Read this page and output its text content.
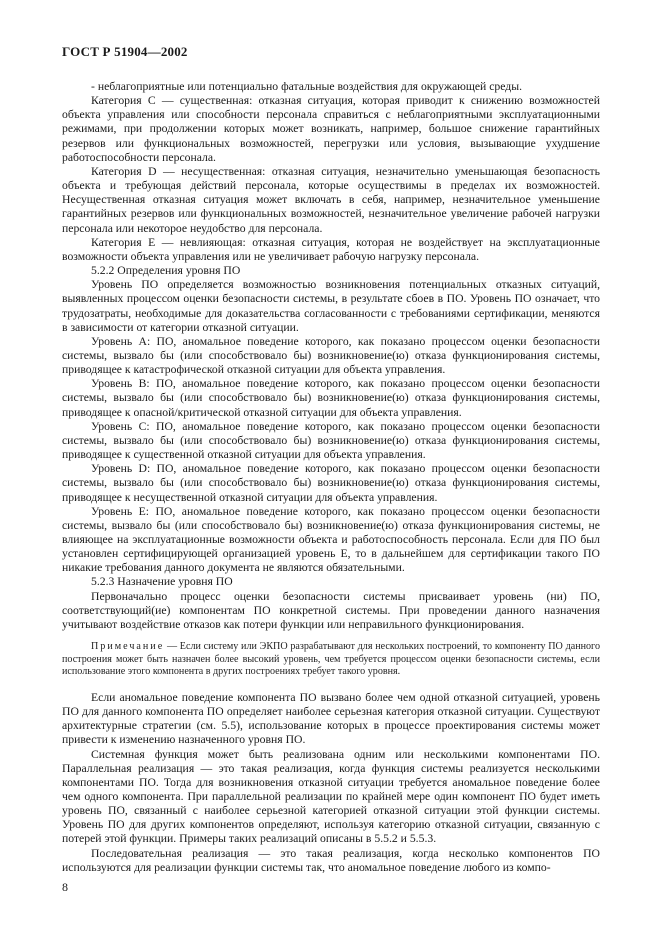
ГОСТ Р 51904—2002

- неблагоприятные или потенциально фатальные воздействия для окружающей среды.

Категория С — существенная: отказная ситуация, которая приводит к снижению возможностей объекта управления или способности персонала справиться с неблагоприятными эксплуатационными режимами, при продолжении которых может возникать, например, большое снижение гарантийных резервов или функциональных возможностей, перегрузки или условия, вызывающие ухудшение работоспособности персонала.

Категория D — несущественная: отказная ситуация, незначительно уменьшающая безопасность объекта и требующая действий персонала, которые осуществимы в пределах их возможностей. Несущественная отказная ситуация может включать в себя, например, незначительное уменьшение гарантийных резервов или функциональных возможностей, незначительное увеличение рабочей нагрузки персонала или некоторое неудобство для персонала.

Категория Е — невлияющая: отказная ситуация, которая не воздействует на эксплуатационные возможности объекта управления или не увеличивает рабочую нагрузку персонала.

5.2.2 Определения уровня ПО

Уровень ПО определяется возможностью возникновения потенциальных отказных ситуаций, выявленных процессом оценки безопасности системы, в результате сбоев в ПО. Уровень ПО означает, что трудозатраты, необходимые для доказательства согласованности с требованиями сертификации, меняются в зависимости от категории отказной ситуации.

Уровень А: ПО, аномальное поведение которого, как показано процессом оценки безопасности системы, вызвало бы (или способствовало бы) возникновение(ю) отказа функционирования системы, приводящее к катастрофической отказной ситуации для объекта управления.

Уровень В: ПО, аномальное поведение которого, как показано процессом оценки безопасности системы, вызвало бы (или способствовало бы) возникновение(ю) отказа функционирования системы, приводящее к опасной/критической отказной ситуации для объекта управления.

Уровень С: ПО, аномальное поведение которого, как показано процессом оценки безопасности системы, вызвало бы (или способствовало бы) возникновение(ю) отказа функционирования системы, приводящее к существенной отказной ситуации для объекта управления.

Уровень D: ПО, аномальное поведение которого, как показано процессом оценки безопасности системы, вызвало бы (или способствовало бы) возникновение(ю) отказа функционирования системы, приводящее к несущественной отказной ситуации для объекта управления.

Уровень Е: ПО, аномальное поведение которого, как показано процессом оценки безопасности системы, вызвало бы (или способствовало бы) возникновение(ю) отказа функционирования системы, не влияющее на эксплуатационные возможности объекта и работоспособность персонала. Если для ПО был установлен сертифицирующей организацией уровень Е, то в дальнейшем для сертификации такого ПО никакие требования данного документа не являются обязательными.

5.2.3 Назначение уровня ПО

Первоначально процесс оценки безопасности системы присваивает уровень (ни) ПО, соответствующий(ие) компонентам ПО конкретной системы. При проведении данного назначения учитывают воздействие отказов как потери функции или неправильного функционирования.

Примечание — Если систему или ЭКПО разрабатывают для нескольких построений, то компоненту ПО данного построения может быть назначен более высокий уровень, чем требуется процессом оценки безопасности системы, если использование этого компонента в других построениях требует такого уровня.

Если аномальное поведение компонента ПО вызвано более чем одной отказной ситуацией, уровень ПО для данного компонента ПО определяет наиболее серьезная категория отказной ситуации. Существуют архитектурные стратегии (см. 5.5), использование которых в процессе проектирования системы может привести к изменению назначенного уровня ПО.

Системная функция может быть реализована одним или несколькими компонентами ПО. Параллельная реализация — это такая реализация, когда функция системы реализуется несколькими компонентами ПО. Тогда для возникновения отказной ситуации требуется аномальное поведение более чем одного компонента. При параллельной реализации по крайней мере один компонент ПО будет иметь уровень ПО, связанный с наиболее серьезной категорией отказной ситуации этой функции системы. Уровень ПО для других компонентов определяют, используя категорию отказной ситуации, связанную с потерей этой функции. Примеры таких реализаций описаны в 5.5.2 и 5.5.3.

Последовательная реализация — это такая реализация, когда несколько компонентов ПО используются для реализации функции системы так, что аномальное поведение любого из компо-

8
